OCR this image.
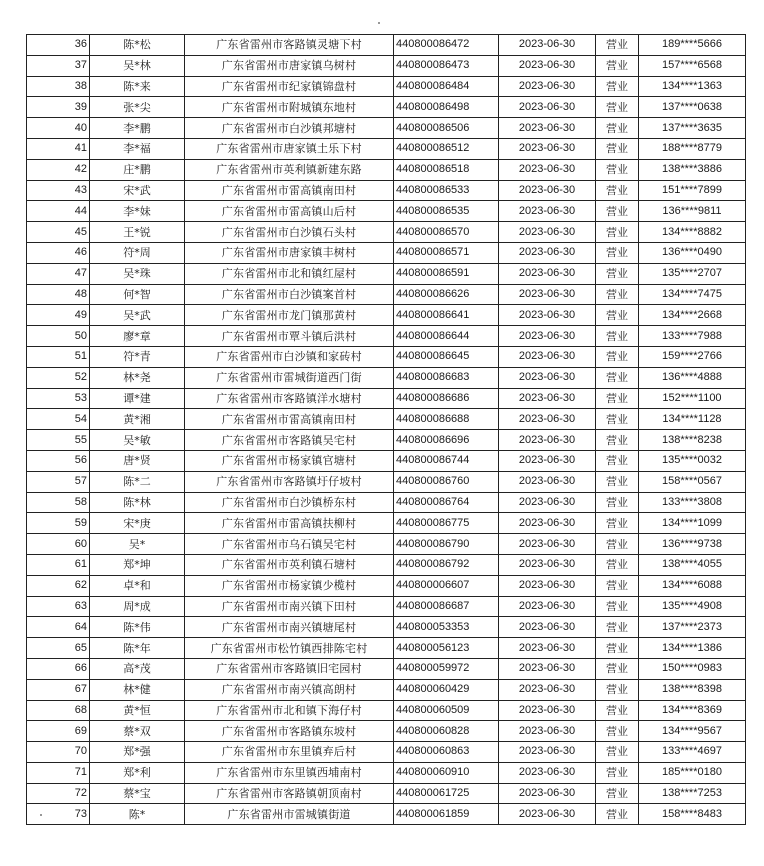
36	陈*松	广东省雷州市客路镇灵塘下村	440800086472	2023-06-30	营业	189****5666
37	吴*林	广东省雷州市唐家镇乌树村	440800086473	2023-06-30	营业	157****6568
38	陈*来	广东省雷州市纪家镇锦盘村	440800086484	2023-06-30	营业	134****1363
39	张*尖	广东省雷州市附城镇东地村	440800086498	2023-06-30	营业	137****0638
40	李*鹏	广东省雷州市白沙镇邦塘村	440800086506	2023-06-30	营业	137****3635
41	李*福	广东省雷州市唐家镇土乐下村	440800086512	2023-06-30	营业	188****8779
42	庄*鹏	广东省雷州市英利镇新建东路	440800086518	2023-06-30	营业	138****3886
43	宋*武	广东省雷州市雷高镇南田村	440800086533	2023-06-30	营业	151****7899
44	李*妹	广东省雷州市雷高镇山后村	440800086535	2023-06-30	营业	136****9811
45	王*锐	广东省雷州市白沙镇石头村	440800086570	2023-06-30	营业	134****8882
46	符*周	广东省雷州市唐家镇丰树村	440800086571	2023-06-30	营业	136****0490
47	吴*珠	广东省雷州市北和镇红屋村	440800086591	2023-06-30	营业	135****2707
48	何*智	广东省雷州市白沙镇案首村	440800086626	2023-06-30	营业	134****7475
49	吴*武	广东省雷州市龙门镇那黄村	440800086641	2023-06-30	营业	134****2668
50	廖*章	广东省雷州市覃斗镇后洪村	440800086644	2023-06-30	营业	133****7988
51	符*青	广东省雷州市白沙镇和家砖村	440800086645	2023-06-30	营业	159****2766
52	林*尧	广东省雷州市雷城街道西门街	440800086683	2023-06-30	营业	136****4888
53	谭*建	广东省雷州市客路镇洋水塘村	440800086686	2023-06-30	营业	152****1100
54	黄*湘	广东省雷州市雷高镇南田村	440800086688	2023-06-30	营业	134****1128
55	吴*敏	广东省雷州市客路镇吴宅村	440800086696	2023-06-30	营业	138****8238
56	唐*贤	广东省雷州市杨家镇官塘村	440800086744	2023-06-30	营业	135****0032
57	陈*二	广东省雷州市客路镇圩仔坡村	440800086760	2023-06-30	营业	158****0567
58	陈*林	广东省雷州市白沙镇桥东村	440800086764	2023-06-30	营业	133****3808
59	宋*庚	广东省雷州市雷高镇扶柳村	440800086775	2023-06-30	营业	134****1099
60	吴*	广东省雷州市乌石镇吴宅村	440800086790	2023-06-30	营业	136****9738
61	郑*坤	广东省雷州市英利镇石塘村	440800086792	2023-06-30	营业	138****4055
62	卓*和	广东省雷州市杨家镇少榄村	440800006607	2023-06-30	营业	134****6088
63	周*成	广东省雷州市南兴镇下田村	440800086687	2023-06-30	营业	135****4908
64	陈*伟	广东省雷州市南兴镇塘尾村	440800053353	2023-06-30	营业	137****2373
65	陈*年	广东省雷州市松竹镇西排陈宅村	440800056123	2023-06-30	营业	134****1386
66	高*茂	广东省雷州市客路镇旧宅园村	440800059972	2023-06-30	营业	150****0983
67	林*健	广东省雷州市南兴镇高朗村	440800060429	2023-06-30	营业	138****8398
68	黄*恒	广东省雷州市北和镇下海仔村	440800060509	2023-06-30	营业	134****8369
69	蔡*双	广东省雷州市客路镇东坡村	440800060828	2023-06-30	营业	134****9567
70	郑*强	广东省雷州市东里镇弃后村	440800060863	2023-06-30	营业	133****4697
71	郑*利	广东省雷州市东里镇西埔南村	440800060910	2023-06-30	营业	185****0180
72	蔡*宝	广东省雷州市客路镇朝顶南村	440800061725	2023-06-30	营业	138****7253
73	陈*	广东省雷州市雷城镇街道	440800061859	2023-06-30	营业	158****8483
